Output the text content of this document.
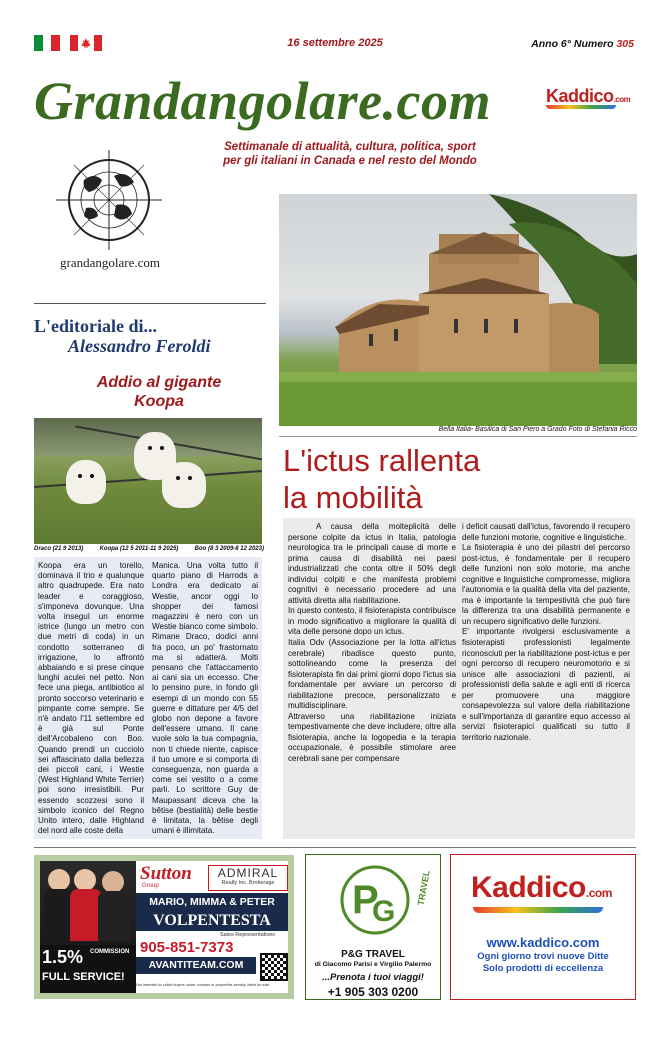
16 settembre 2025	Anno 6° Numero 305
Grandangolare.com	Kaddico.com
Settimanale di attualità, cultura, politica, sport
per gli italiani in Canada e nel resto del Mondo
grandangolare.com
L'editoriale di...
Alessandro Feroldi
Addio al gigante
Koopa
Draco (21 9 2013)	Koopa (12 5 2011-11 9 2025)	Boo (8 3 2009-8 12 2023)
Koopa era un torello, dominava il trio e qualunque altro quadrupede. Era nato leader e coraggioso, s'imponeva dovunque. Una volta inseguì un enorme istrice (lungo un metro con due metri di coda) in un condotto sotterraneo di irrigazione, lo affrontò abbaiando e si prese cinque lunghi aculei nel petto. Non fece una piega, antibiotico al pronto soccorso veterinario e pimpante come sempre. Se n'è andato l'11 settembre ed è già sul Ponte dell'Arcobaleno con Boo. Quando prendi un cucciolo sei affascinato dalla bellezza dei piccoli cani, i Westie (West Highland White Terrier) poi sono irresistibili. Pur essendo scozzesi sono il simbolo iconico del Regno Unito intero, dalle Highland del nord alle coste della
Manica. Una volta tutto il quarto piano di Harrods a Londra era dedicato ai Westie, ancor oggi lo shopper dei famosi magazzini è nero con un Westie bianco come simbolo. Rimane Draco, dodici anni fra poco, un po' frastornato ma si adatterà. Molti pensano che l'attaccamento ai cani sia un eccesso. Che lo pensino pure, in fondo gli esempi di un mondo con 55 guerre e dittature per 4/5 del globo non depone a favore dell'essere umano. Il cane vuole solo la tua compagnia, non ti chiede niente, capisce il tuo umore e si comporta di conseguenza, non guarda a come sei vestito o a come parli. Lo scrittore Guy de Maupassant diceva che la bêtise (bestialità) delle bestie è limitata, la bêtise degli umani è illimitata.
Bella Italia- Basilica di San Piero a Grado Foto di Stefania Ricco
L'ictus rallenta
la mobilità

A causa della molteplicità delle persone colpite da ictus in Italia, patologia neurologica tra le principali cause di morte e prima causa di disabilità nei paesi industrializzati che conta oltre il 50% degli individui colpiti e che manifesta problemi cognitivi è necessario procedere ad una attività diretta alla riabilitazione.

In questo contesto, il fisioterapista contribuisce in modo significativo a migliorare la qualità di vita delle persone dopo un ictus.

Italia Odv (Associazione per la lotta all'ictus cerebrale) ribadisce questo punto, sottolineando come la presenza del fisioterapista fin dai primi giorni dopo l'ictus sia fondamentale per avviare un percorso di riabilitazione precoce, personalizzato e multidisciplinare.

Attraverso una riabilitazione iniziata tempestivamente che deve includere, oltre alla fisioterapia, anche la logopedia e la terapia occupazionale, è possibile stimolare aree cerebrali sane per compensare

i deficit causati dall'ictus, favorendo il recupero delle funzioni motorie, cognitive e linguistiche.

La fisioterapia è uno dei pilastri del percorso post-ictus, è fondamentale per il recupero delle funzioni non solo motorie, ma anche cognitive e linguistiche compromesse, migliora l'autonomia e la qualità della vita del paziente, ma è importante la tempestività che può fare la differenza tra una disabilità permanente e un recupero significativo delle funzioni.

E' importante rivolgersi esclusivamente a fisioterapisti professionisti legalmente riconosciuti per la riabilitazione post-ictus e per ogni percorso di recupero neuromotorio e si unisce alle associazioni di pazienti, ai professionisti della salute e agli enti di ricerca per promuovere una maggiore consapevolezza sul valore della riabilitazione e sull'importanza di garantire equo accesso ai servizi fisioterapici qualificati su tutto il territorio nazionale.

1.5% COMMISSION
FULL SERVICE!
Sutton
Group
ADMIRAL
Realty Inc. Brokerage
MARIO, MIMMA & PETER
VOLPENTESTA
Sales Representatives
905-851-7373
AVANTITEAM.COM
Not intended to solicit buyers under contract or properties already listed for sale.
P
G
TRAVEL
P&G TRAVEL
di Giacomo Parisi e Virgilio Palermo
...Prenota i tuoi viaggi!
+1 905 303 0200
Kaddico.com
www.kaddico.com
Ogni giorno trovi nuove Ditte
Solo prodotti di eccellenza
